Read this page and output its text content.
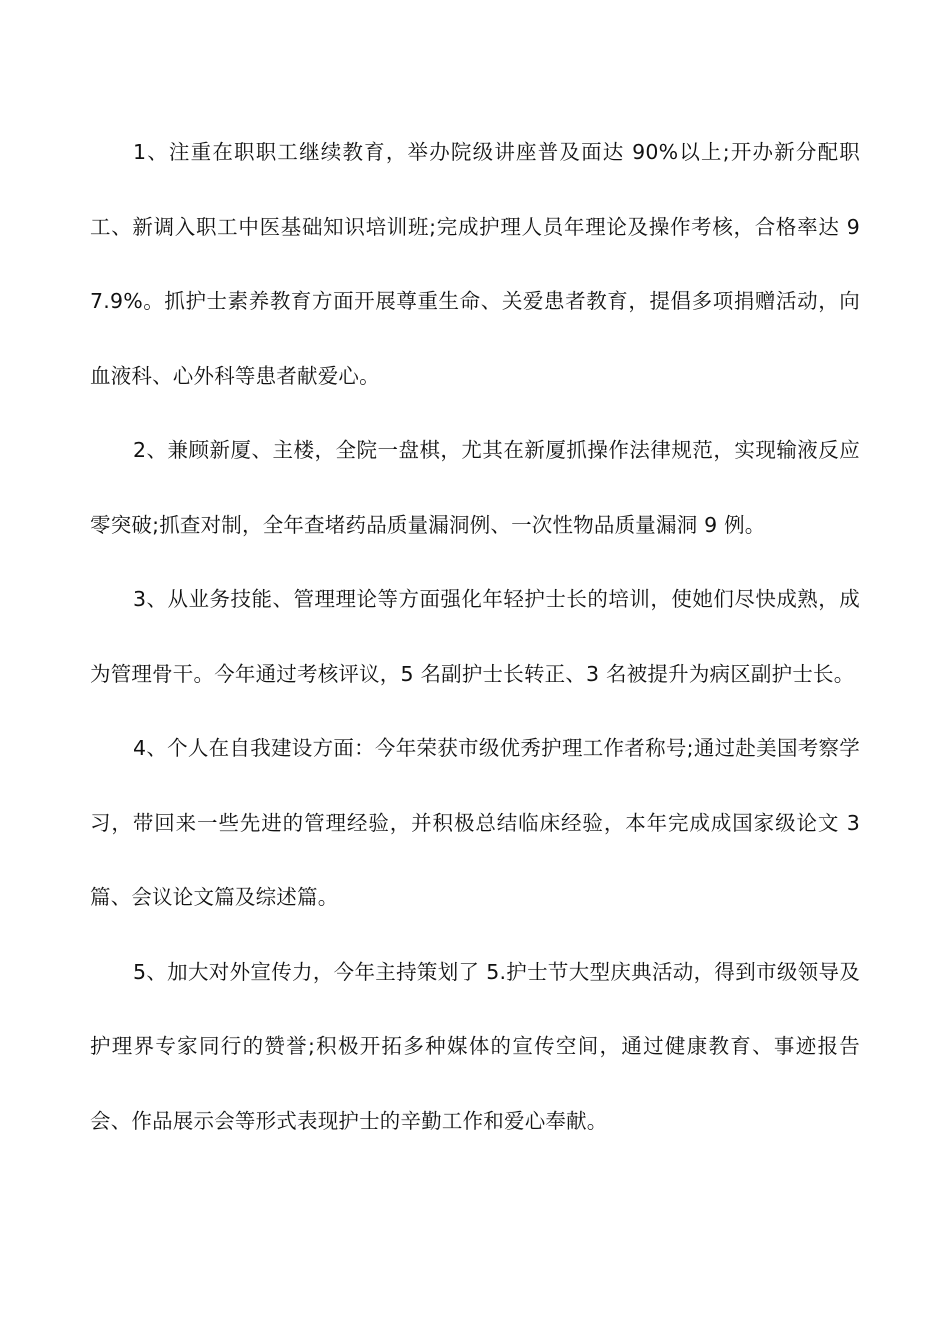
1、注重在职职工继续教育，举办院级讲座普及面达 90%以上;开办新分配职工、新调入职工中医基础知识培训班;完成护理人员年理论及操作考核，合格率达 97.9%。抓护士素养教育方面开展尊重生命、关爱患者教育，提倡多项捐赠活动，向血液科、心外科等患者献爱心。

2、兼顾新厦、主楼，全院一盘棋，尤其在新厦抓操作法律规范，实现输液反应零突破;抓查对制，全年查堵药品质量漏洞例、一次性物品质量漏洞 9 例。

3、从业务技能、管理理论等方面强化年轻护士长的培训，使她们尽快成熟，成为管理骨干。今年通过考核评议，5 名副护士长转正、3 名被提升为病区副护士长。

4、个人在自我建设方面：今年荣获市级优秀护理工作者称号;通过赴美国考察学习，带回来一些先进的管理经验，并积极总结临床经验，本年完成成国家级论文 3 篇、会议论文篇及综述篇。

5、加大对外宣传力，今年主持策划了 5.护士节大型庆典活动，得到市级领导及护理界专家同行的赞誉;积极开拓多种媒体的宣传空间，通过健康教育、事迹报告会、作品展示会等形式表现护士的辛勤工作和爱心奉献。
